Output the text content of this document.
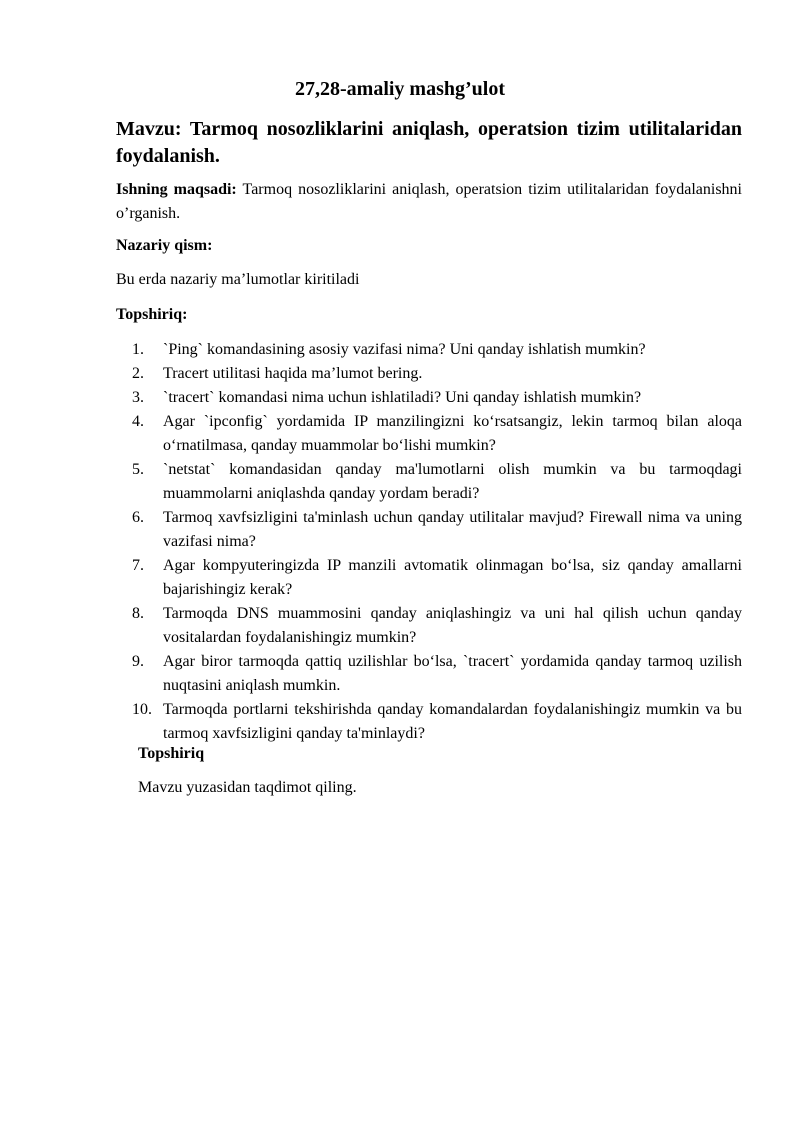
27,28-amaliy mashg’ulot
Mavzu: Tarmoq nosozliklarini aniqlash, operatsion tizim utilitalaridan foydalanish.
Ishning maqsadi: Tarmoq nosozliklarini aniqlash, operatsion tizim utilitalaridan foydalanishni o’rganish.
Nazariy qism:
Bu erda nazariy ma’lumotlar kiritiladi
Topshiriq:
1.	`Ping` komandasining asosiy vazifasi nima? Uni qanday ishlatish mumkin?
2.	Tracert utilitasi haqida ma’lumot bering.
3.	`tracert` komandasi nima uchun ishlatiladi? Uni qanday ishlatish mumkin?
4.	Agar `ipconfig` yordamida IP manzilingizni ko‘rsatsangiz, lekin tarmoq bilan aloqa o‘rnatilmasa, qanday muammolar bo‘lishi mumkin?
5.	`netstat` komandasidan qanday ma'lumotlarni olish mumkin va bu tarmoqdagi muammolarni aniqlashda qanday yordam beradi?
6.	Tarmoq xavfsizligini ta'minlash uchun qanday utilitalar mavjud? Firewall nima va uning vazifasi nima?
7.	Agar kompyuteringizda IP manzili avtomatik olinmagan bo‘lsa, siz qanday amallarni bajarishingiz kerak?
8.	Tarmoqda DNS muammosini qanday aniqlashingiz va uni hal qilish uchun qanday vositalardan foydalanishingiz mumkin?
9.	Agar biror tarmoqda qattiq uzilishlar bo‘lsa, `tracert` yordamida qanday tarmoq uzilish nuqtasini aniqlash mumkin.
10. Tarmoqda portlarni tekshirishda qanday komandalardan foydalanishingiz mumkin va bu tarmoq xavfsizligini qanday ta'minlaydi?
Topshiriq
Mavzu yuzasidan taqdimot qiling.
